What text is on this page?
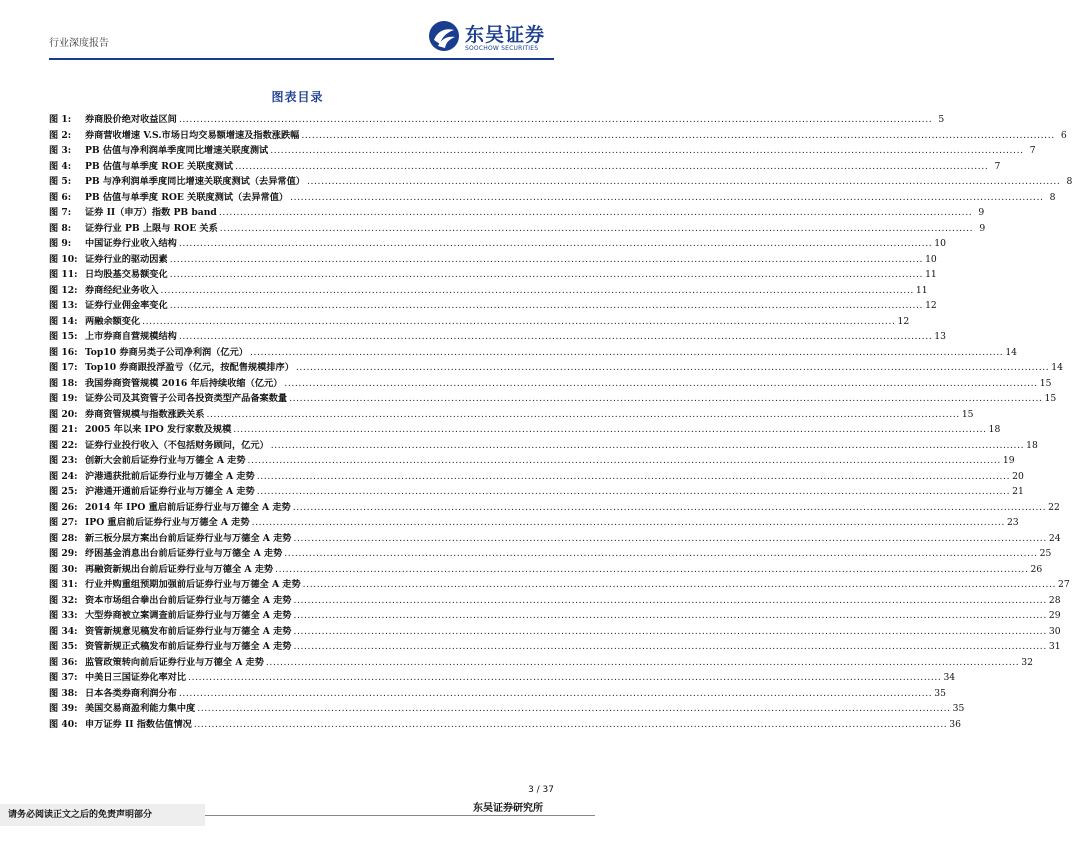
行业深度报告	东吴证券
SOOCHOW SECURITIES
图表目录
图 1:	券商股价绝对收益区间 .....	5
图 2:	券商营收增速 V.S.市场日均交易额增速及指数涨跌幅 .....	6
图 3:	PB 估值与净利润单季度同比增速关联度测试 .....	7
图 4:	PB 估值与单季度 ROE 关联度测试 .....	7
图 5:	PB 与净利润单季度同比增速关联度测试（去异常值） .....	8
图 6:	PB 估值与单季度 ROE 关联度测试（去异常值） .....	8
图 7:	证券 II（申万）指数 PB band .....	9
图 8:	证券行业 PB 上限与 ROE 关系 .....	9
图 9:	中国证券行业收入结构 .....	10
图 10: 证券行业的驱动因素 .....	10
图 11: 日均股基交易额变化 .....	11
图 12: 券商经纪业务收入 .....	11
图 13: 证券行业佣金率变化 .....	12
图 14: 两融余额变化 .....	12
图 15: 上市券商自营规模结构 .....	13
图 16: Top10 券商另类子公司净利润（亿元） .....	14
图 17: Top10 券商跟投浮盈亏（亿元，按配售规模排序） .....	14
图 18: 我国券商资管规模 2016 年后持续收缩（亿元） .....	15
图 19: 证券公司及其资管子公司各投资类型产品备案数量 .....	15
图 20: 券商资管规模与指数涨跌关系 .....	15
图 21: 2005 年以来 IPO 发行家数及规模 .....	18
图 22: 证券行业投行收入（不包括财务顾问，亿元） .....	18
图 23: 创新大会前后证券行业与万德全 A 走势 .....	19
图 24: 沪港通获批前后证券行业与万德全 A 走势 .....	20
图 25: 沪港通开通前后证券行业与万德全 A 走势 .....	21
图 26: 2014 年 IPO 重启前后证券行业与万德全 A 走势 .....	22
图 27: IPO 重启前后证券行业与万德全 A 走势 .....	23
图 28: 新三板分层方案出台前后证券行业与万德全 A 走势 .....	24
图 29: 纾困基金消息出台前后证券行业与万德全 A 走势 .....	25
图 30: 再融资新规出台前后证券行业与万德全 A 走势 .....	26
图 31: 行业并购重组预期加强前后证券行业与万德全 A 走势 .....	27
图 32: 资本市场组合拳出台前后证券行业与万德全 A 走势 .....	28
图 33: 大型券商被立案调查前后证券行业与万德全 A 走势 .....	29
图 34: 资管新规意见稿发布前后证券行业与万德全 A 走势 .....	30
图 35: 资管新规正式稿发布前后证券行业与万德全 A 走势 .....	31
图 36: 监管政策转向前后证券行业与万德全 A 走势 .....	32
图 37: 中美日三国证券化率对比 .....	34
图 38: 日本各类券商利润分布 .....	35
图 39: 美国交易商盈利能力集中度 .....	35
图 40: 申万证券 II 指数估值情况 .....	36
3 / 37
请务必阅读正文之后的免责声明部分
东吴证券研究所
